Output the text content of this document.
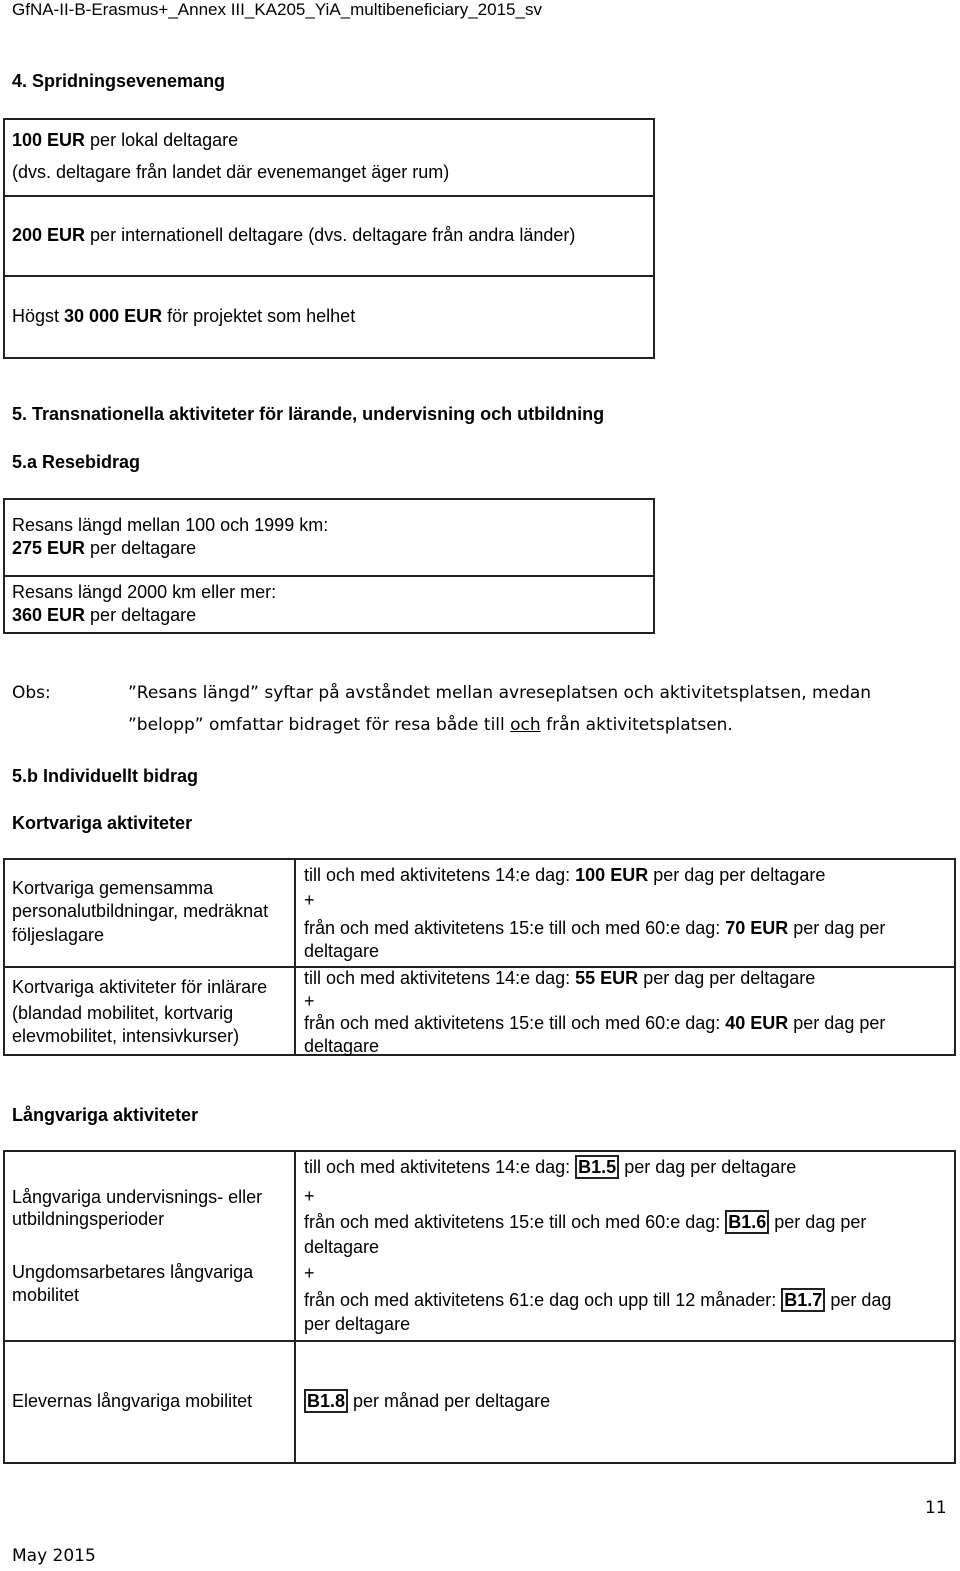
GfNA-II-B-Erasmus+_Annex III_KA205_YiA_multibeneficiary_2015_sv
4. Spridningsevenemang
100 EUR per lokal deltagare
(dvs. deltagare från landet där evenemanget äger rum)
200 EUR per internationell deltagare (dvs. deltagare från andra länder)
Högst 30 000 EUR för projektet som helhet
5. Transnationella aktiviteter för lärande, undervisning och utbildning
5.a Resebidrag
Resans längd mellan 100 och 1999 km:
275 EUR per deltagare
Resans längd 2000 km eller mer:
360 EUR per deltagare
Obs:	”Resans längd” syftar på avståndet mellan avreseplatsen och aktivitetsplatsen, medan
”belopp” omfattar bidraget för resa både till och från aktivitetsplatsen.
5.b Individuellt bidrag
Kortvariga aktiviteter
Kortvariga gemensamma
personalutbildningar, medräknat
följeslagare
till och med aktivitetens 14:e dag: 100 EUR per dag per deltagare
+
från och med aktivitetens 15:e till och med 60:e dag: 70 EUR per dag per
deltagare
Kortvariga aktiviteter för inlärare
(blandad mobilitet, kortvarig
elevmobilitet, intensivkurser)
till och med aktivitetens 14:e dag: 55 EUR per dag per deltagare
+
från och med aktivitetens 15:e till och med 60:e dag: 40 EUR per dag per
deltagare
Långvariga aktiviteter
Långvariga undervisnings- eller
utbildningsperioder
Ungdomsarbetares långvariga
mobilitet
till och med aktivitetens 14:e dag: B1.5 per dag per deltagare
+
från och med aktivitetens 15:e till och med 60:e dag: B1.6 per dag per
deltagare
+
från och med aktivitetens 61:e dag och upp till 12 månader: B1.7 per dag
per deltagare
Elevernas långvariga mobilitet	B1.8 per månad per deltagare
11
May 2015
